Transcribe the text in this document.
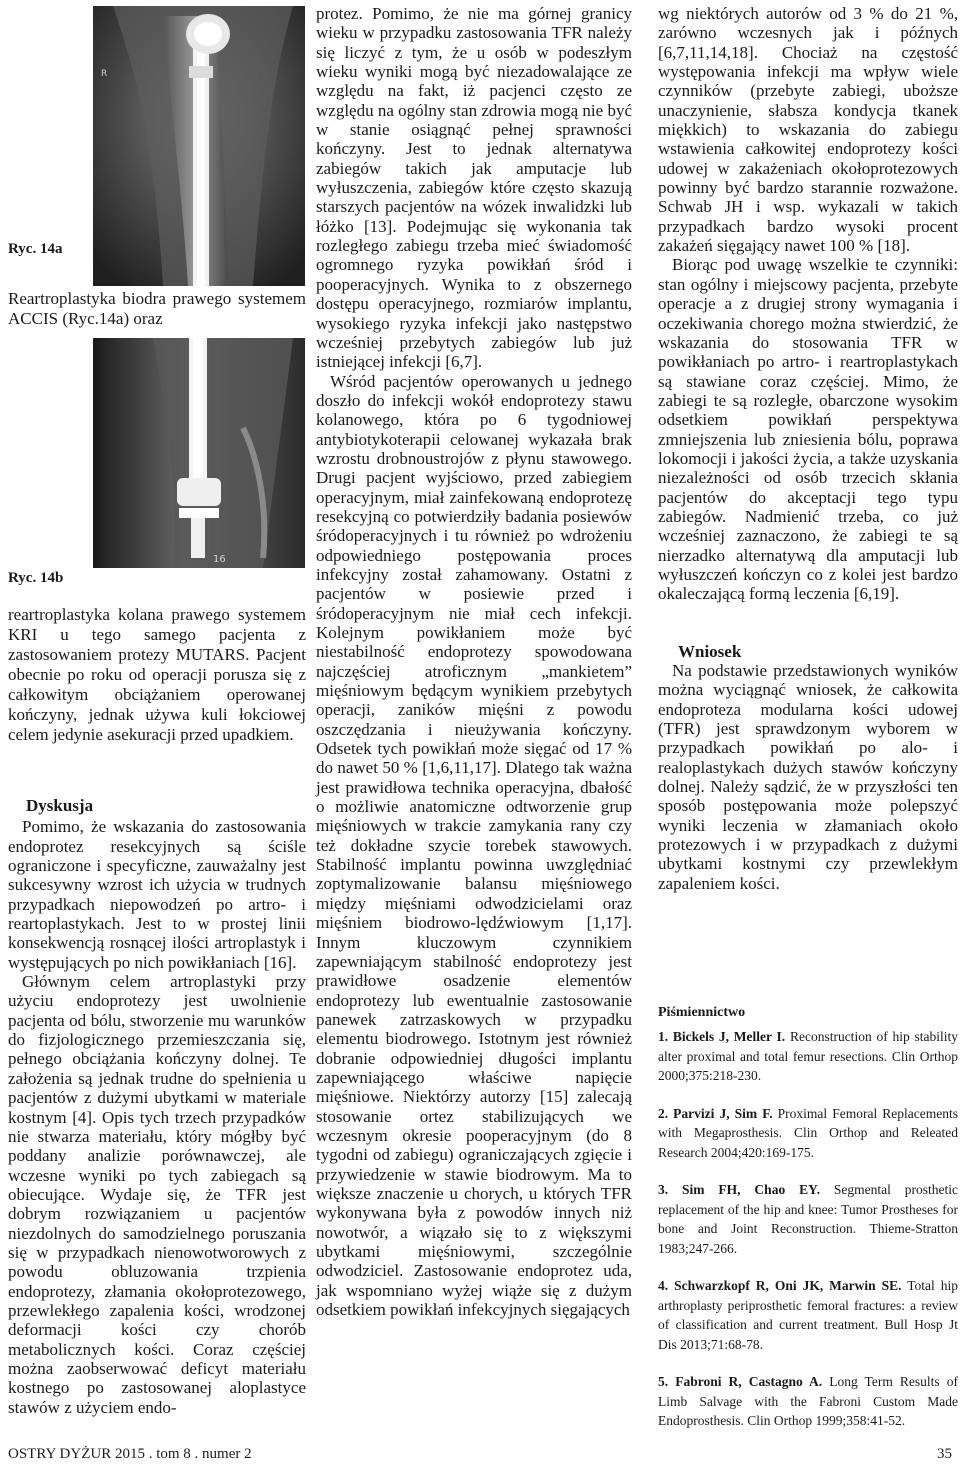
R
Ryc. 14a
Reartroplastyka biodra prawego systemem ACCIS (Ryc.14a) oraz
16
Ryc. 14b
reartroplastyka kolana prawego systemem KRI u tego samego pacjenta z zastosowaniem protezy MUTARS. Pacjent obecnie po roku od operacji porusza się z całkowitym obciążaniem operowanej kończyny, jednak używa kuli łokciowej celem jedynie asekuracji przed upadkiem.
Dyskusja

Pomimo, że wskazania do zastosowania endoprotez resekcyjnych są ściśle ograniczone i specyficzne, zauważalny jest sukcesywny wzrost ich użycia w trudnych przypadkach niepowodzeń po artro- i reartoplastykach. Jest to w prostej linii konsekwencją rosnącej ilości artroplastyk i występujących po nich powikłaniach [16].

Głównym celem artroplastyki przy użyciu endoprotezy jest uwolnienie pacjenta od bólu, stworzenie mu warunków do fizjologicznego przemieszczania się, pełnego obciążania kończyny dolnej. Te założenia są jednak trudne do spełnienia u pacjentów z dużymi ubytkami w materiale kostnym [4]. Opis tych trzech przypadków nie stwarza materiału, który mógłby być poddany analizie porównawczej, ale wczesne wyniki po tych zabiegach są obiecujące. Wydaje się, że TFR jest dobrym rozwiązaniem u pacjentów niezdolnych do samodzielnego poruszania się w przypadkach nienowotworowych z powodu obluzowania trzpienia endoprotezy, złamania okołoprotezowego, przewlekłego zapalenia kości, wrodzonej deformacji kości czy chorób metabolicznych kości. Coraz częściej można zaobserwować deficyt materiału kostnego po zastosowanej aloplastyce stawów z użyciem endo-

protez. Pomimo, że nie ma górnej granicy wieku w przypadku zastosowania TFR należy się liczyć z tym, że u osób w podeszłym wieku wyniki mogą być niezadowalające ze względu na fakt, iż pacjenci często ze względu na ogólny stan zdrowia mogą nie być w stanie osiągnąć pełnej sprawności kończyny. Jest to jednak alternatywa zabiegów takich jak amputacje lub wyłuszczenia, zabiegów które często skazują starszych pacjentów na wózek inwalidzki lub łóżko [13]. Podejmując się wykonania tak rozległego zabiegu trzeba mieć świadomość ogromnego ryzyka powikłań śród i pooperacyjnych. Wynika to z obszernego dostępu operacyjnego, rozmiarów implantu, wysokiego ryzyka infekcji jako następstwo wcześniej przebytych zabiegów lub już istniejącej infekcji [6,7].

Wśród pacjentów operowanych u jednego doszło do infekcji wokół endoprotezy stawu kolanowego, która po 6 tygodniowej antybiotykoterapii celowanej wykazała brak wzrostu drobnoustrojów z płynu stawowego. Drugi pacjent wyjściowo, przed zabiegiem operacyjnym, miał zainfekowaną endoprotezę resekcyjną co potwierdziły badania posiewów śródoperacyjnych i tu również po wdrożeniu odpowiedniego postępowania proces infekcyjny został zahamowany. Ostatni z pacjentów w posiewie przed i śródoperacyjnym nie miał cech infekcji. Kolejnym powikłaniem może być niestabilność endoprotezy spowodowana najczęściej atroficznym „mankietem” mięśniowym będącym wynikiem przebytych operacji, zaników mięśni z powodu oszczędzania i nieużywania kończyny. Odsetek tych powikłań może sięgać od 17 % do nawet 50 % [1,6,11,17]. Dlatego tak ważna jest prawidłowa technika operacyjna, dbałość o możliwie anatomiczne odtworzenie grup mięśniowych w trakcie zamykania rany czy też dokładne szycie torebek stawowych. Stabilność implantu powinna uwzględniać zoptymalizowanie balansu mięśniowego między mięśniami odwodzicielami oraz mięśniem biodrowo-lędźwiowym [1,17]. Innym kluczowym czynnikiem zapewniającym stabilność endoprotezy jest prawidłowe osadzenie elementów endoprotezy lub ewentualnie zastosowanie panewek zatrzaskowych w przypadku elementu biodrowego. Istotnym jest również dobranie odpowiedniej długości implantu zapewniającego właściwe napięcie mięśniowe. Niektórzy autorzy [15] zalecają stosowanie ortez stabilizujących we wczesnym okresie pooperacyjnym (do 8 tygodni od zabiegu) ograniczających zgięcie i przywiedzenie w stawie biodrowym. Ma to większe znaczenie u chorych, u których TFR wykonywana była z powodów innych niż nowotwór, a wiązało się to z większymi ubytkami mięśniowymi, szczególnie odwodziciel. Zastosowanie endoprotez uda, jak wspomniano wyżej wiąże się z dużym odsetkiem powikłań infekcyjnych sięgających

wg niektórych autorów od 3 % do 21 %, zarówno wczesnych jak i późnych [6,7,11,14,18]. Chociaż na częstość występowania infekcji ma wpływ wiele czynników (przebyte zabiegi, uboższe unaczynienie, słabsza kondycja tkanek miękkich) to wskazania do zabiegu wstawienia całkowitej endoprotezy kości udowej w zakażeniach okołoprotezowych powinny być bardzo starannie rozważone. Schwab JH i wsp. wykazali w takich przypadkach bardzo wysoki procent zakażeń sięgający nawet 100 % [18].

Biorąc pod uwagę wszelkie te czynniki: stan ogólny i miejscowy pacjenta, przebyte operacje a z drugiej strony wymagania i oczekiwania chorego można stwierdzić, że wskazania do stosowania TFR w powikłaniach po artro- i reartroplastykach są stawiane coraz częściej. Mimo, że zabiegi te są rozległe, obarczone wysokim odsetkiem powikłań perspektywa zmniejszenia lub zniesienia bólu, poprawa lokomocji i jakości życia, a także uzyskania niezależności od osób trzecich skłania pacjentów do akceptacji tego typu zabiegów. Nadmienić trzeba, co już wcześniej zaznaczono, że zabiegi te są nierzadko alternatywą dla amputacji lub wyłuszczeń kończyn co z kolei jest bardzo okaleczającą formą leczenia [6,19].

Wniosek

Na podstawie przedstawionych wyników można wyciągnąć wniosek, że całkowita endoproteza modularna kości udowej (TFR) jest sprawdzonym wyborem w przypadkach powikłań po alo- i realoplastykach dużych stawów kończyny dolnej. Należy sądzić, że w przyszłości ten sposób postępowania może polepszyć wyniki leczenia w złamaniach około protezowych i w przypadkach z dużymi ubytkami kostnymi czy przewlekłym zapaleniem kości.

Piśmiennictwo

1. Bickels J, Meller I. Reconstruction of hip stability alter proximal and total femur resections. Clin Orthop 2000;375:218-230.

2. Parvizi J, Sim F. Proximal Femoral Replacements with Megaprosthesis. Clin Orthop and Releated Research 2004;420:169-175.

3. Sim FH, Chao EY. Segmental prosthetic replacement of the hip and knee: Tumor Prostheses for bone and Joint Reconstruction. Thieme-Stratton 1983;247-266.

4. Schwarzkopf R, Oni JK, Marwin SE. Total hip arthroplasty periprosthetic femoral fractures: a review of classification and current treatment. Bull Hosp Jt Dis 2013;71:68-78.

5. Fabroni R, Castagno A. Long Term Results of Limb Salvage with the Fabroni Custom Made Endoprosthesis. Clin Orthop 1999;358:41-52.

OSTRY DYŻUR 2015 . tom 8 . numer 2	35
